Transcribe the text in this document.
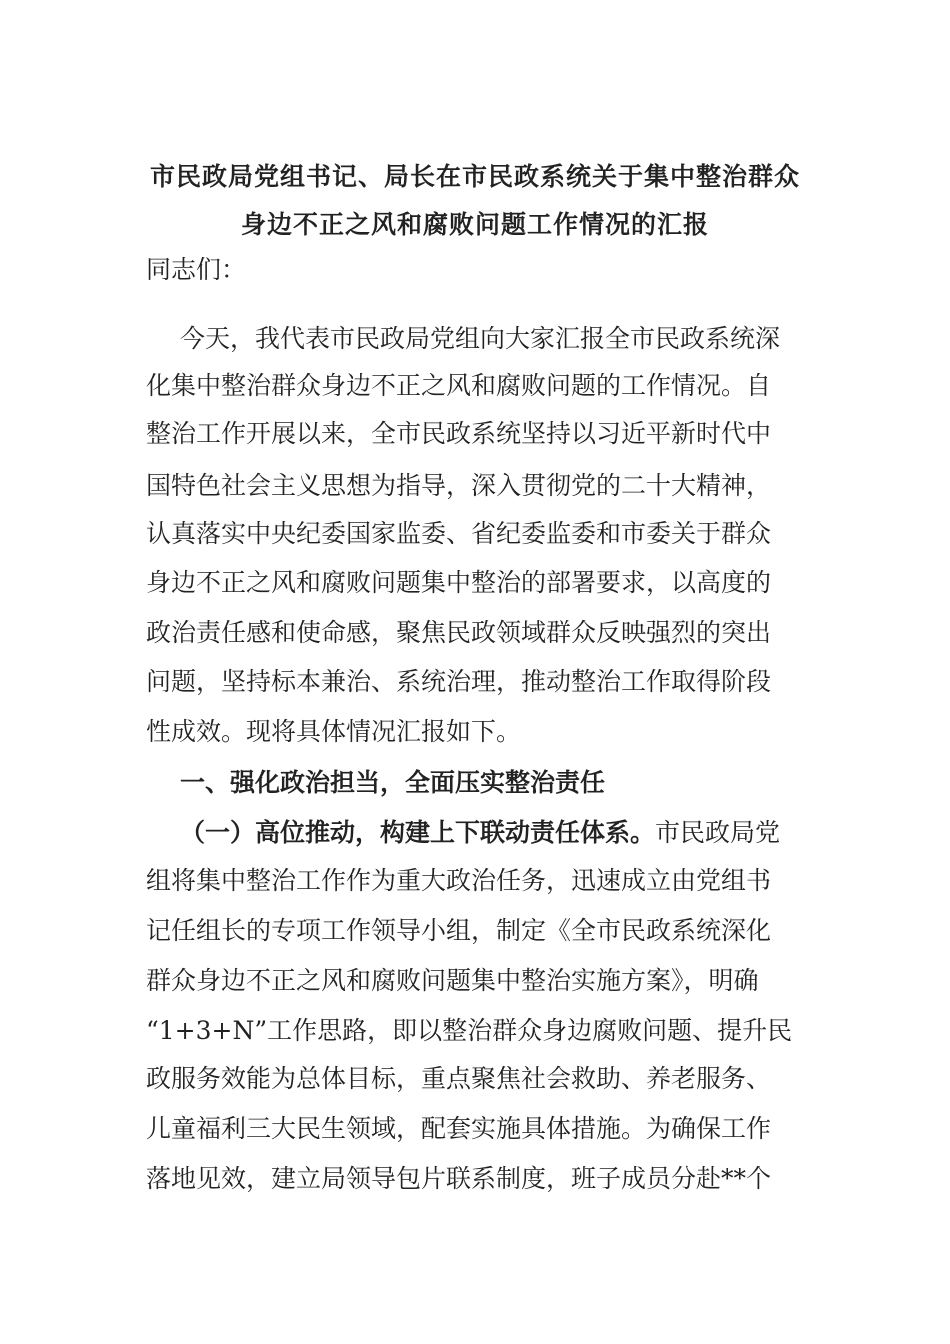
市民政局党组书记、局长在市民政系统关于集中整治群众
身边不正之风和腐败问题工作情况的汇报
同志们：
今天，我代表市民政局党组向大家汇报全市民政系统深
化集中整治群众身边不正之风和腐败问题的工作情况。自
整治工作开展以来，全市民政系统坚持以习近平新时代中
国特色社会主义思想为指导，深入贯彻党的二十大精神，
认真落实中央纪委国家监委、省纪委监委和市委关于群众
身边不正之风和腐败问题集中整治的部署要求，以高度的
政治责任感和使命感，聚焦民政领域群众反映强烈的突出
问题，坚持标本兼治、系统治理，推动整治工作取得阶段
性成效。现将具体情况汇报如下。
一、强化政治担当，全面压实整治责任
（一）高位推动，构建上下联动责任体系。市民政局党
组将集中整治工作作为重大政治任务，迅速成立由党组书
记任组长的专项工作领导小组，制定《全市民政系统深化
群众身边不正之风和腐败问题集中整治实施方案》，明确
“1+3+N”工作思路，即以整治群众身边腐败问题、提升民
政服务效能为总体目标，重点聚焦社会救助、养老服务、
儿童福利三大民生领域，配套实施具体措施。为确保工作
落地见效，建立局领导包片联系制度，班子成员分赴**个
